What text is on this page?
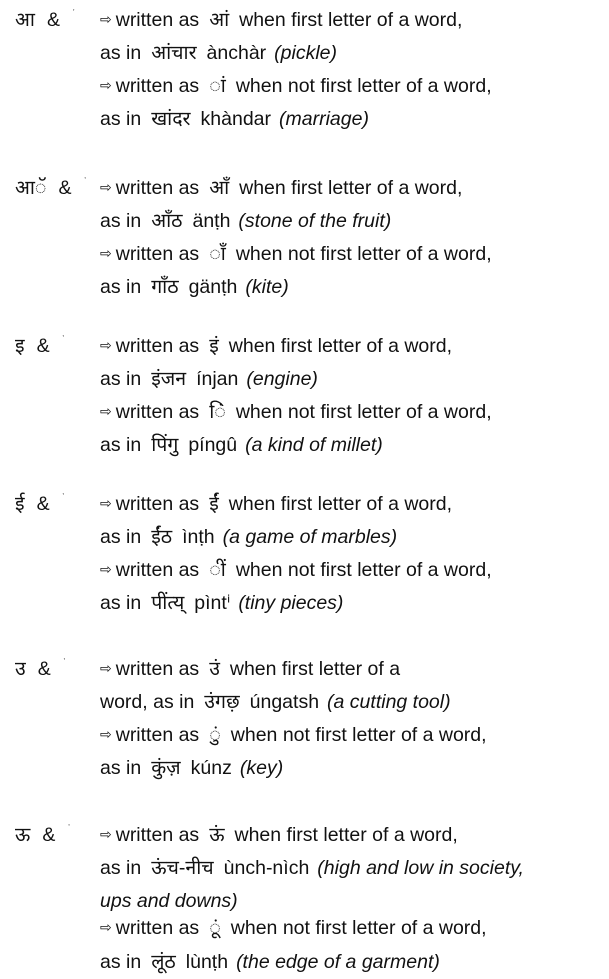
आ & $^ˑ$ ⇨ written as आं when first letter of a word,
as in आंचार ànchàr (pickle)
⇨ written as ां when not first letter of a word,
as in खांदर khàndar (marriage)
आॅ & $^ˑ$ ⇨ written as आँ when first letter of a word,
as in आँठ änṭh (stone of the fruit)
⇨ written as ाँ when not first letter of a word,
as in गाँठ gänṭh (kite)
इ & $^ˑ$	⇨ written as इं when first letter of a word,
as in इंजन ínjan (engine)
⇨ written as िं when not first letter of a word,
as in पिंगु píngû (a kind of millet)
ई & $^ˑ$	⇨ written as ईं when first letter of a word,
as in ईंठ ìnṭh (a game of marbles)
⇨ written as ीं when not first letter of a word,
as in पींत्य् pìntⁱ (tiny pieces)
उ & $^ˑ$ ⇨ written as उं when first letter of a
word, as in उंगछ़ úngatsh (a cutting tool)
⇨ written as ुं when not first letter of a word,
as in कुंज़ kúnz (key)
ऊ & $^ˑ$ ⇨ written as ऊं when first letter of a word,
as in ऊंच-नीच ùnch-nìch (high and low in society,
ups and downs)
⇨ written as ूं when not first letter of a word,
as in लूंठ lùnṭh (the edge of a garment)
